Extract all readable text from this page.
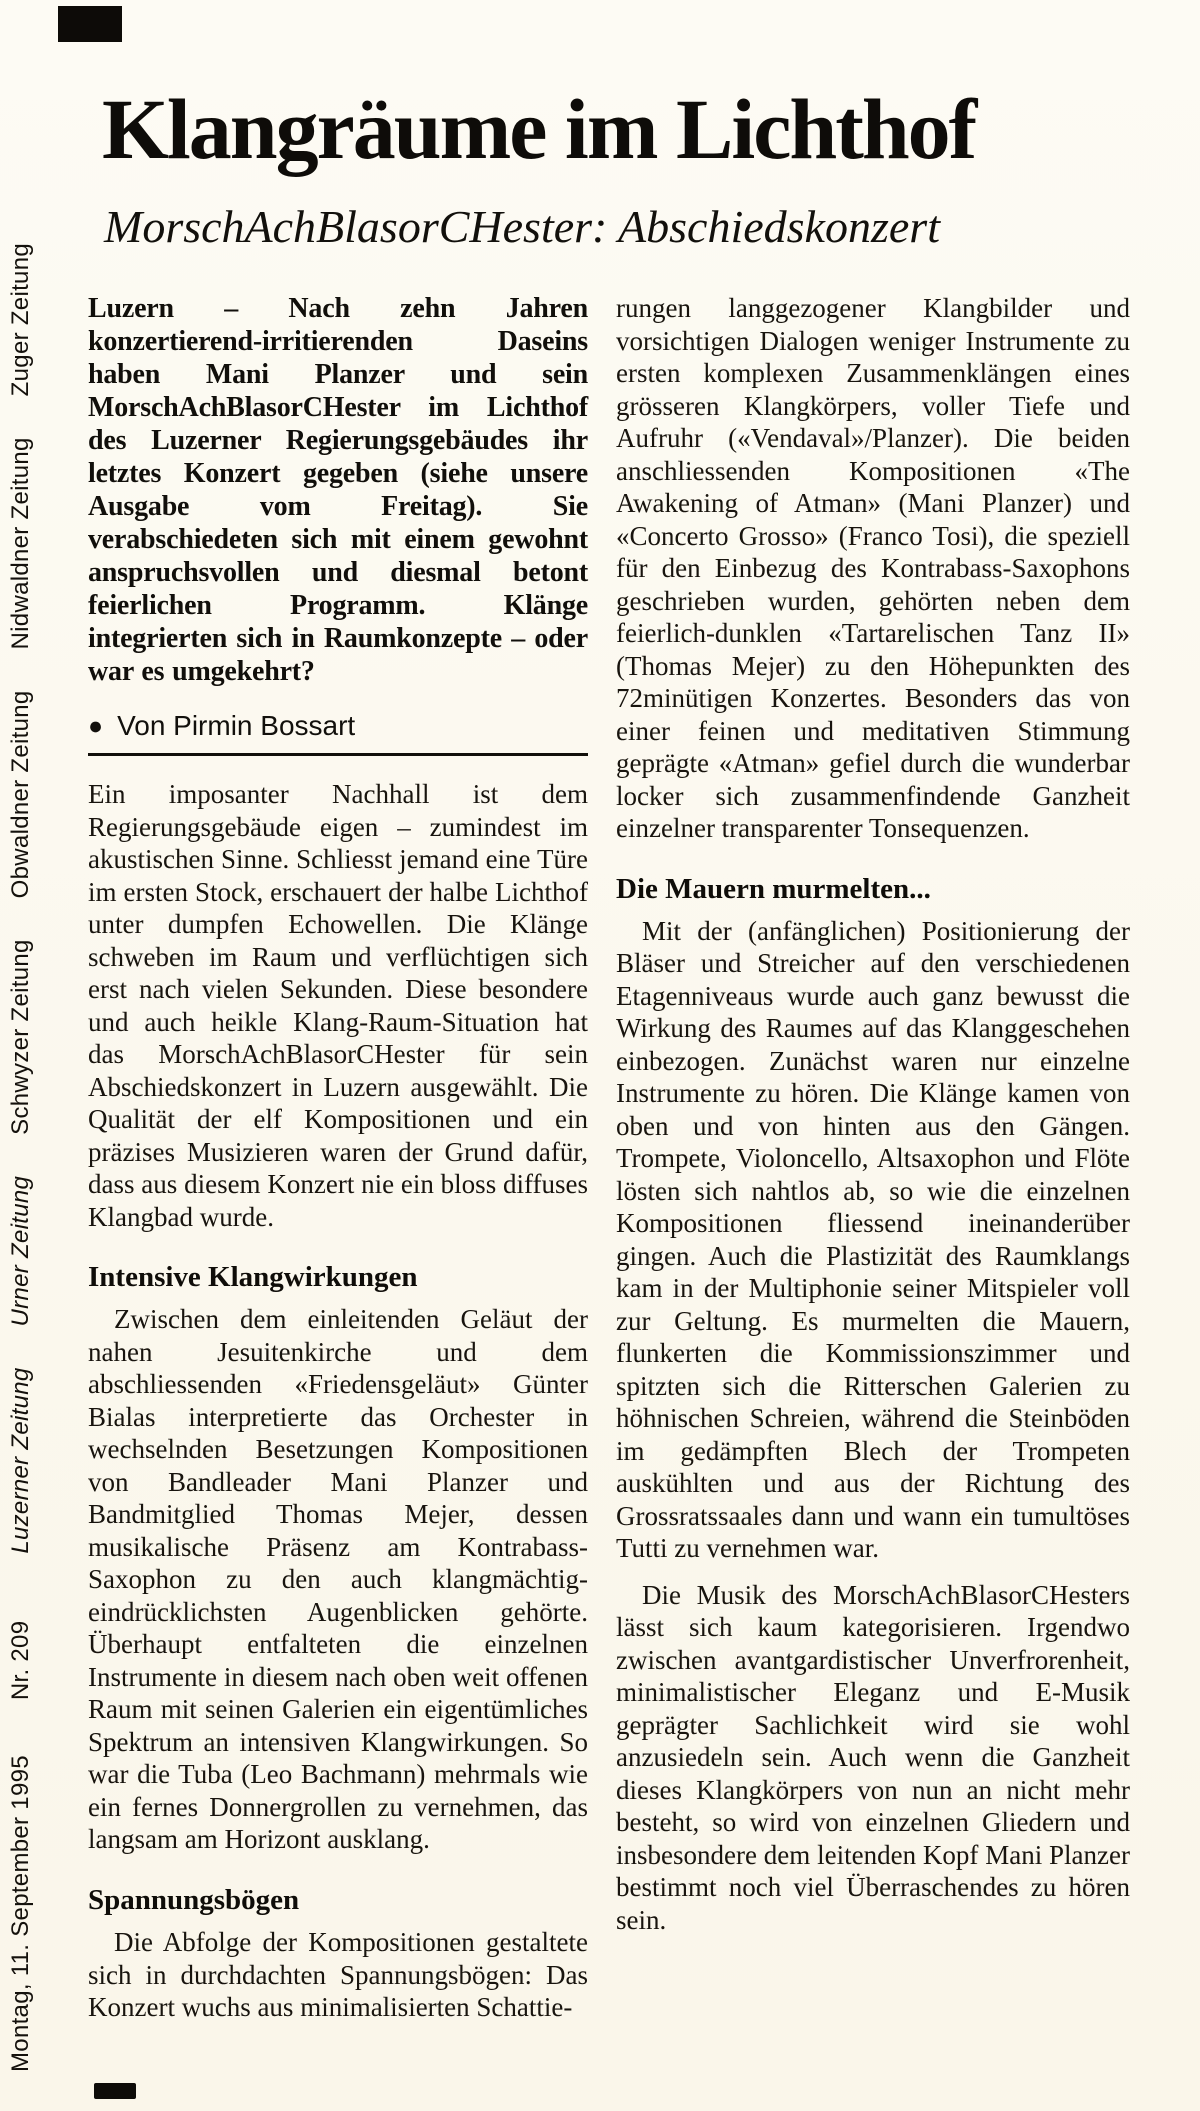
Montag, 11. September 1995 Nr. 209 Luzerner Zeitung Urner Zeitung Schwyzer Zeitung Obwaldner Zeitung Nidwaldner Zeitung Zuger Zeitung
Klangräume im Lichthof
MorschAchBlasorCHester: Abschiedskonzert

Luzern – Nach zehn Jahren konzertierend-irritierenden Daseins haben Mani Planzer und sein MorschAchBlasorCHester im Lichthof des Luzerner Regierungsgebäudes ihr letztes Konzert gegeben (siehe unsere Ausgabe vom Freitag). Sie verabschiedeten sich mit einem gewohnt anspruchsvollen und diesmal betont feierlichen Programm. Klänge integrierten sich in Raumkonzepte – oder war es umgekehrt?

● Von Pirmin Bossart

Ein imposanter Nachhall ist dem Regierungsgebäude eigen – zumindest im akustischen Sinne. Schliesst jemand eine Türe im ersten Stock, erschauert der halbe Lichthof unter dumpfen Echowellen. Die Klänge schweben im Raum und verflüchtigen sich erst nach vielen Sekunden. Diese besondere und auch heikle Klang-Raum-Situation hat das MorschAchBlasorCHester für sein Abschiedskonzert in Luzern ausgewählt. Die Qualität der elf Kompositionen und ein präzises Musizieren waren der Grund dafür, dass aus diesem Konzert nie ein bloss diffuses Klangbad wurde.

Intensive Klangwirkungen

Zwischen dem einleitenden Geläut der nahen Jesuitenkirche und dem abschliessenden «Friedensgeläut» Günter Bialas interpretierte das Orchester in wechselnden Besetzungen Kompositionen von Bandleader Mani Planzer und Bandmitglied Thomas Mejer, dessen musikalische Präsenz am Kontrabass-Saxophon zu den auch klangmächtig-eindrücklichsten Augenblicken gehörte. Überhaupt entfalteten die einzelnen Instrumente in diesem nach oben weit offenen Raum mit seinen Galerien ein eigentümliches Spektrum an intensiven Klangwirkungen. So war die Tuba (Leo Bachmann) mehrmals wie ein fernes Donnergrollen zu vernehmen, das langsam am Horizont ausklang.

Spannungsbögen

Die Abfolge der Kompositionen gestaltete sich in durchdachten Spannungsbögen: Das Konzert wuchs aus minimalisierten Schattie-

rungen langgezogener Klangbilder und vorsichtigen Dialogen weniger Instrumente zu ersten komplexen Zusammenklängen eines grösseren Klangkörpers, voller Tiefe und Aufruhr («Vendaval»/Planzer). Die beiden anschliessenden Kompositionen «The Awakening of Atman» (Mani Planzer) und «Concerto Grosso» (Franco Tosi), die speziell für den Einbezug des Kontrabass-Saxophons geschrieben wurden, gehörten neben dem feierlich-dunklen «Tartarelischen Tanz II» (Thomas Mejer) zu den Höhepunkten des 72minütigen Konzertes. Besonders das von einer feinen und meditativen Stimmung geprägte «Atman» gefiel durch die wunderbar locker sich zusammenfindende Ganzheit einzelner transparenter Tonsequenzen.

Die Mauern murmelten...

Mit der (anfänglichen) Positionierung der Bläser und Streicher auf den verschiedenen Etagenniveaus wurde auch ganz bewusst die Wirkung des Raumes auf das Klanggeschehen einbezogen. Zunächst waren nur einzelne Instrumente zu hören. Die Klänge kamen von oben und von hinten aus den Gängen. Trompete, Violoncello, Altsaxophon und Flöte lösten sich nahtlos ab, so wie die einzelnen Kompositionen fliessend ineinanderüber gingen. Auch die Plastizität des Raumklangs kam in der Multiphonie seiner Mitspieler voll zur Geltung. Es murmelten die Mauern, flunkerten die Kommissionszimmer und spitzten sich die Ritterschen Galerien zu höhnischen Schreien, während die Steinböden im gedämpften Blech der Trompeten auskühlten und aus der Richtung des Grossratssaales dann und wann ein tumultöses Tutti zu vernehmen war.

Die Musik des MorschAchBlasorCHesters lässt sich kaum kategorisieren. Irgendwo zwischen avantgardistischer Unverfrorenheit, minimalistischer Eleganz und E-Musik geprägter Sachlichkeit wird sie wohl anzusiedeln sein. Auch wenn die Ganzheit dieses Klangkörpers von nun an nicht mehr besteht, so wird von einzelnen Gliedern und insbesondere dem leitenden Kopf Mani Planzer bestimmt noch viel Überraschendes zu hören sein.
